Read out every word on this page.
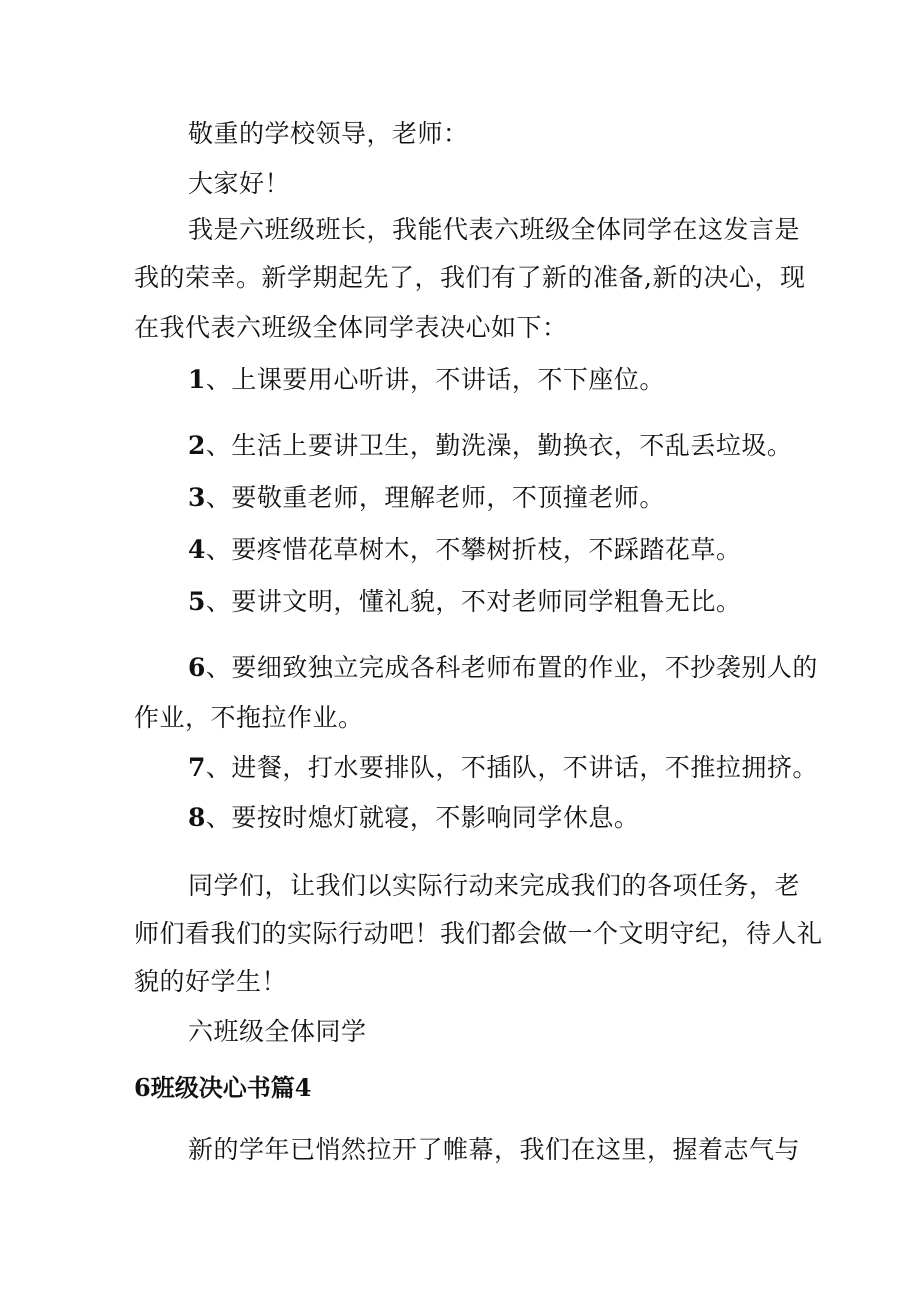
敬重的学校领导，老师：
大家好！
我是六班级班长，我能代表六班级全体同学在这发言是
我的荣幸。新学期起先了，我们有了新的准备,新的决心，现
在我代表六班级全体同学表决心如下：
1、上课要用心听讲，不讲话，不下座位。
2、生活上要讲卫生，勤洗澡，勤换衣，不乱丢垃圾。
3、要敬重老师，理解老师，不顶撞老师。
4、要疼惜花草树木，不攀树折枝，不踩踏花草。
5、要讲文明，懂礼貌，不对老师同学粗鲁无比。
6、要细致独立完成各科老师布置的作业，不抄袭别人的
作业，不拖拉作业。
7、进餐，打水要排队，不插队，不讲话，不推拉拥挤。
8、要按时熄灯就寝，不影响同学休息。
同学们，让我们以实际行动来完成我们的各项任务，老
师们看我们的实际行动吧！我们都会做一个文明守纪，待人礼
貌的好学生！
六班级全体同学
6班级决心书篇4
新的学年已悄然拉开了帷幕，我们在这里，握着志气与
